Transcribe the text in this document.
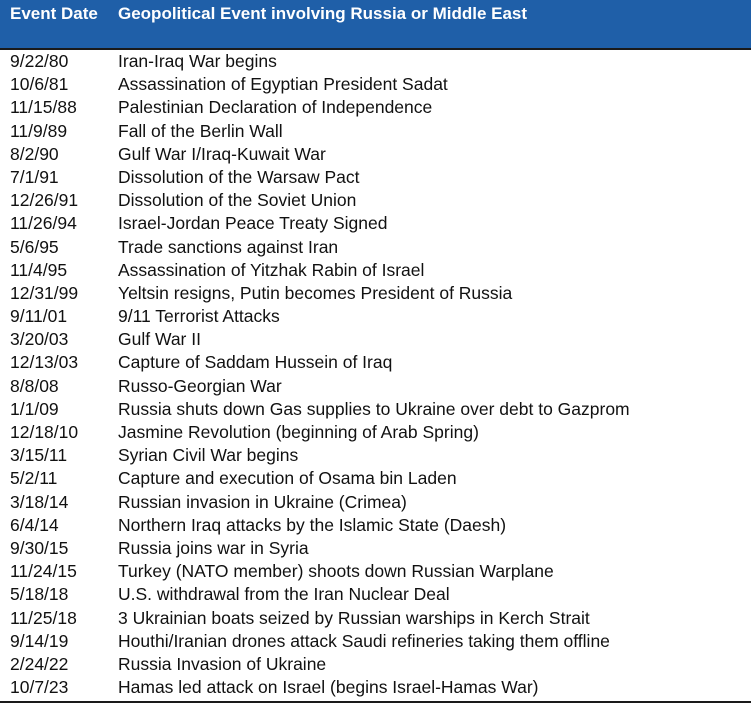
Event Date	Geopolitical Event involving Russia or Middle East
9/22/80	Iran-Iraq War begins
10/6/81	Assassination of Egyptian President Sadat
11/15/88	Palestinian Declaration of Independence
11/9/89	Fall of the Berlin Wall
8/2/90	Gulf War I/Iraq-Kuwait War
7/1/91	Dissolution of the Warsaw Pact
12/26/91	Dissolution of the Soviet Union
11/26/94	Israel-Jordan Peace Treaty Signed
5/6/95	Trade sanctions against Iran
11/4/95	Assassination of Yitzhak Rabin of Israel
12/31/99	Yeltsin resigns, Putin becomes President of Russia
9/11/01	9/11 Terrorist Attacks
3/20/03	Gulf War II
12/13/03	Capture of Saddam Hussein of Iraq
8/8/08	Russo-Georgian War
1/1/09	Russia shuts down Gas supplies to Ukraine over debt to Gazprom
12/18/10	Jasmine Revolution (beginning of Arab Spring)
3/15/11	Syrian Civil War begins
5/2/11	Capture and execution of Osama bin Laden
3/18/14	Russian invasion in Ukraine (Crimea)
6/4/14	Northern Iraq attacks by the Islamic State (Daesh)
9/30/15	Russia joins war in Syria
11/24/15	Turkey (NATO member) shoots down Russian Warplane
5/18/18	U.S. withdrawal from the Iran Nuclear Deal
11/25/18	3 Ukrainian boats seized by Russian warships in Kerch Strait
9/14/19	Houthi/Iranian drones attack Saudi refineries taking them offline
2/24/22	Russia Invasion of Ukraine
10/7/23	Hamas led attack on Israel (begins Israel-Hamas War)
